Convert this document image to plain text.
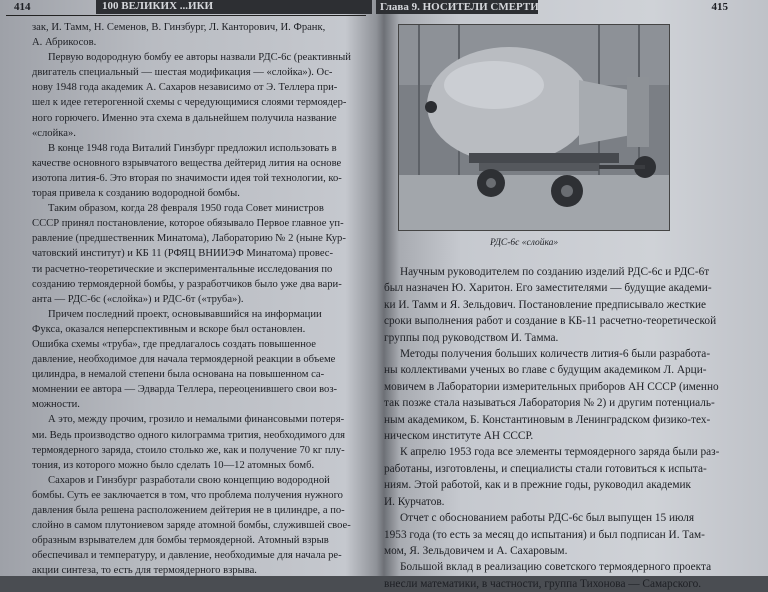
414	100 ВЕЛИКИХ ...ИКИ
зак, И. Тамм, Н. Семенов, В. Гинзбург, Л. Канторович, И. Франк,
А. Абрикосов.
Первую водородную бомбу ее авторы назвали РДС-6с (реактивный
двигатель специальный — шестая модификация — «слойка»). Ос-
нову 1948 года академик А. Сахаров независимо от Э. Теллера при-
шел к идее гетерогенной схемы с чередующимися слоями термоядер-
ного горючего. Именно эта схема в дальнейшем получила название
«слойка».
В конце 1948 года Виталий Гинзбург предложил использовать в
качестве основного взрывчатого вещества дейтерид лития на основе
изотопа лития-6. Это вторая по значимости идея той технологии, ко-
торая привела к созданию водородной бомбы.
Таким образом, когда 28 февраля 1950 года Совет министров
СССР принял постановление, которое обязывало Первое главное уп-
равление (предшественник Минатома), Лабораторию № 2 (ныне Кур-
чатовский институт) и КБ 11 (РФЯЦ ВНИИЭФ Минатома) провес-
ти расчетно-теоретические и экспериментальные исследования по
созданию термоядерной бомбы, у разработчиков было уже два вари-
анта — РДС-6с («слойка») и РДС-6т («труба»).
Причем последний проект, основывавшийся на информации
Фукса, оказался неперспективным и вскоре был остановлен.
Ошибка схемы «труба», где предлагалось создать повышенное
давление, необходимое для начала термоядерной реакции в объеме
цилиндра, в немалой степени была основана на повышенном са-
момнении ее автора — Эдварда Теллера, переоценившего свои воз-
можности.
А это, между прочим, грозило и немалыми финансовыми потеря-
ми. Ведь производство одного килограмма трития, необходимого для
термоядерного заряда, стоило столько же, как и получение 70 кг плу-
тония, из которого можно было сделать 10—12 атомных бомб.
Сахаров и Гинзбург разработали свою концепцию водородной
бомбы. Суть ее заключается в том, что проблема получения нужного
давления была решена расположением дейтерия не в цилиндре, а по-
слойно в самом плутониевом заряде атомной бомбы, служившей свое-
образным взрывателем для бомбы термоядерной. Атомный взрыв
обеспечивал и температуру, и давление, необходимые для начала ре-
акции синтеза, то есть для термоядерного взрыва.
Глава 9. НОСИТЕЛИ СМЕРТИ	415
РДС-6с «слойка»
Научным руководителем по созданию изделий РДС-6с и РДС-6т
был назначен Ю. Харитон. Его заместителями — будущие академи-
ки И. Тамм и Я. Зельдович. Постановление предписывало жесткие
сроки выполнения работ и создание в КБ-11 расчетно-теоретической
группы под руководством И. Тамма.
Методы получения больших количеств лития-6 были разработа-
ны коллективами ученых во главе с будущим академиком Л. Арци-
мовичем в Лаборатории измерительных приборов АН СССР (именно
так позже стала называться Лаборатория № 2) и другим потенциаль-
ным академиком, Б. Константиновым в Ленинградском физико-тех-
ническом институте АН СССР.
К апрелю 1953 года все элементы термоядерного заряда были раз-
работаны, изготовлены, и специалисты стали готовиться к испыта-
ниям. Этой работой, как и в прежние годы, руководил академик
И. Курчатов.
Отчет с обоснованием работы РДС-6с был выпущен 15 июля
1953 года (то есть за месяц до испытания) и был подписан И. Там-
мом, Я. Зельдовичем и А. Сахаровым.
Большой вклад в реализацию советского термоядерного проекта
внесли математики, в частности, группа Тихонова — Самарского.
